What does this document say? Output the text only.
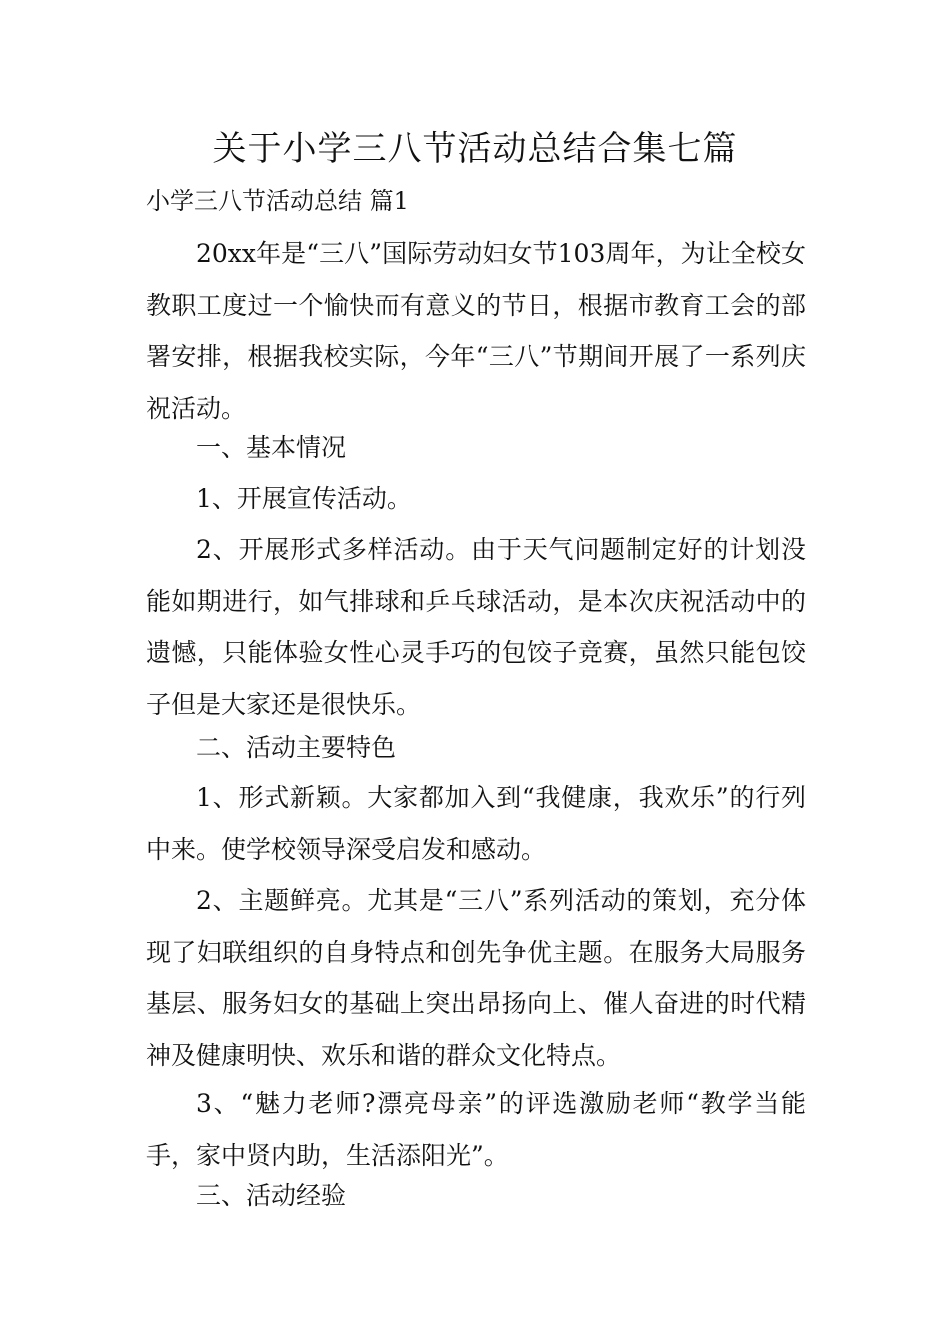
关于小学三八节活动总结合集七篇
小学三八节活动总结 篇1

20xx年是“三八”国际劳动妇女节103周年，为让全校女教职工度过一个愉快而有意义的节日，根据市教育工会的部署安排，根据我校实际，今年“三八”节期间开展了一系列庆祝活动。

一、基本情况
1、开展宣传活动。

2、开展形式多样活动。由于天气问题制定好的计划没能如期进行，如气排球和乒乓球活动，是本次庆祝活动中的遗憾，只能体验女性心灵手巧的包饺子竞赛，虽然只能包饺子但是大家还是很快乐。

二、活动主要特色

1、形式新颖。大家都加入到“我健康，我欢乐”的行列中来。使学校领导深受启发和感动。

2、主题鲜亮。尤其是“三八”系列活动的策划，充分体现了妇联组织的自身特点和创先争优主题。在服务大局服务基层、服务妇女的基础上突出昂扬向上、催人奋进的时代精神及健康明快、欢乐和谐的群众文化特点。

3、“魅力老师?漂亮母亲”的评选激励老师“教学当能手，家中贤内助，生活添阳光”。

三、活动经验
